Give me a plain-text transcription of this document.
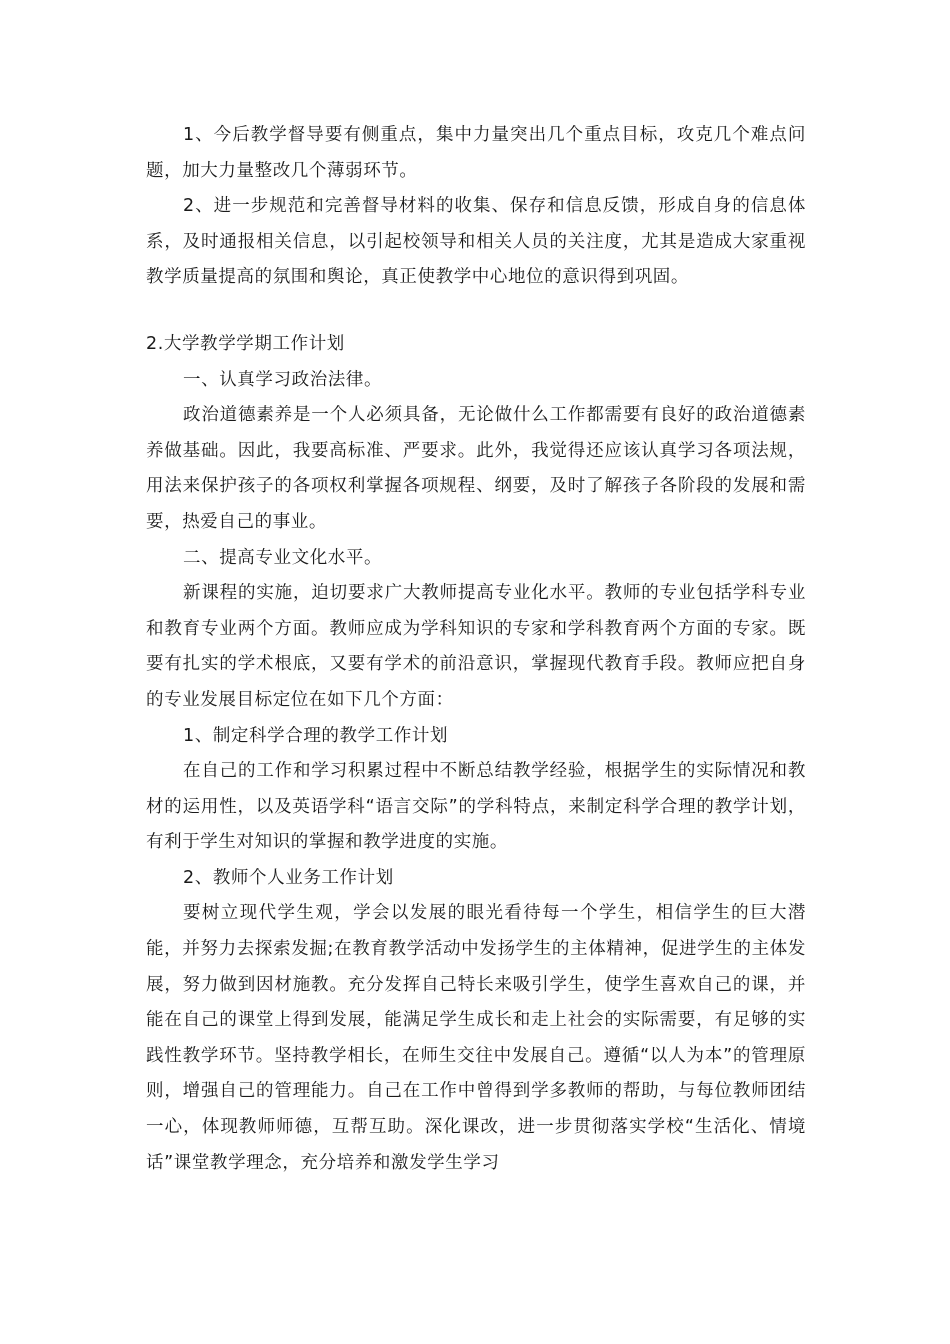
1、今后教学督导要有侧重点，集中力量突出几个重点目标，攻克几个难点问题，加大力量整改几个薄弱环节。

2、进一步规范和完善督导材料的收集、保存和信息反馈，形成自身的信息体系，及时通报相关信息，以引起校领导和相关人员的关注度，尤其是造成大家重视教学质量提高的氛围和舆论，真正使教学中心地位的意识得到巩固。

2.大学教学学期工作计划

一、认真学习政治法律。

政治道德素养是一个人必须具备，无论做什么工作都需要有良好的政治道德素养做基础。因此，我要高标准、严要求。此外，我觉得还应该认真学习各项法规，用法来保护孩子的各项权利掌握各项规程、纲要，及时了解孩子各阶段的发展和需要，热爱自己的事业。

二、提高专业文化水平。

新课程的实施，迫切要求广大教师提高专业化水平。教师的专业包括学科专业和教育专业两个方面。教师应成为学科知识的专家和学科教育两个方面的专家。既要有扎实的学术根底，又要有学术的前沿意识，掌握现代教育手段。教师应把自身的专业发展目标定位在如下几个方面：

1、制定科学合理的教学工作计划

在自己的工作和学习积累过程中不断总结教学经验，根据学生的实际情况和教材的运用性，以及英语学科“语言交际”的学科特点，来制定科学合理的教学计划，有利于学生对知识的掌握和教学进度的实施。

2、教师个人业务工作计划

要树立现代学生观，学会以发展的眼光看待每一个学生，相信学生的巨大潜能，并努力去探索发掘;在教育教学活动中发扬学生的主体精神，促进学生的主体发展，努力做到因材施教。充分发挥自己特长来吸引学生，使学生喜欢自己的课，并能在自己的课堂上得到发展，能满足学生成长和走上社会的实际需要，有足够的实践性教学环节。坚持教学相长，在师生交往中发展自己。遵循“以人为本”的管理原则，增强自己的管理能力。自己在工作中曾得到学多教师的帮助，与每位教师团结一心，体现教师师德，互帮互助。深化课改，进一步贯彻落实学校“生活化、情境话”课堂教学理念，充分培养和激发学生学习
